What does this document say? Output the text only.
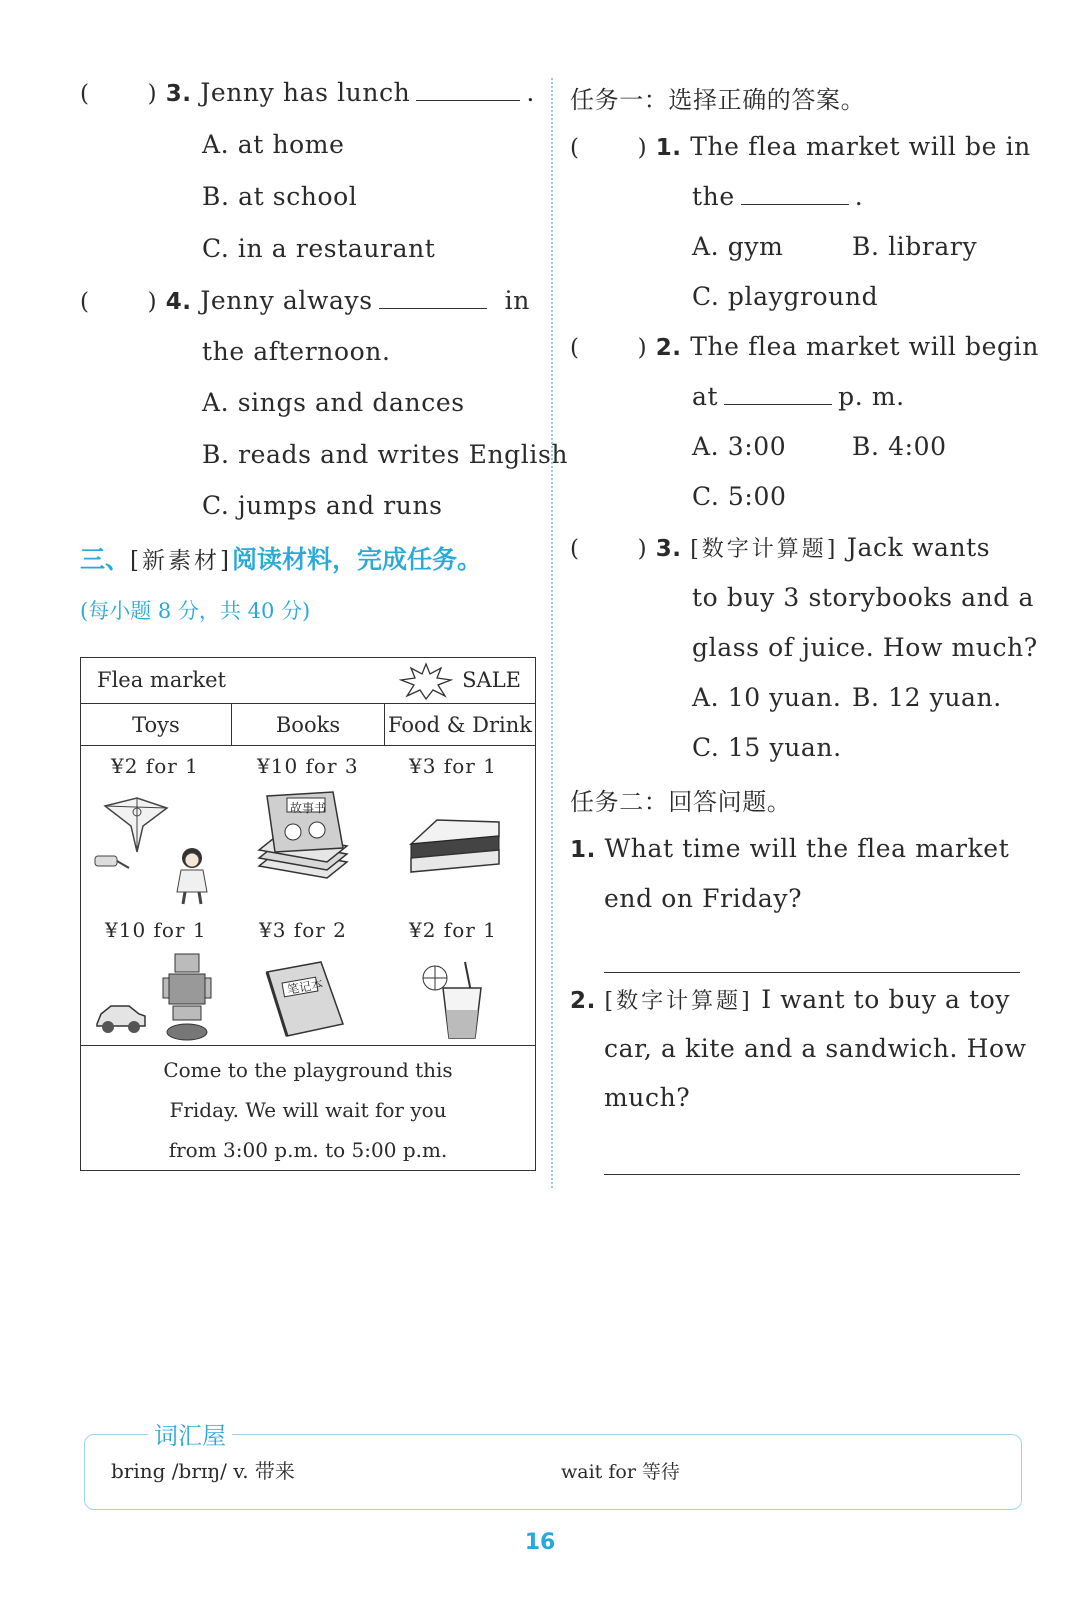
(	) 3. Jenny has lunch	.
A. at home
B. at school
C. in a restaurant
(	) 4. Jenny always	in
the afternoon.
A. sings and dances
B. reads and writes English
C. jumps and runs
三、[新素材]阅读材料，完成任务。
(每小题 8 分，共 40 分)
Flea market	SALE

Toys	Books	Food & Drink

¥2 for 1	¥10 for 3	¥3 for 1
故事书
¥10 for 1	¥3 for 2	¥2 for 1
笔记本

Come to the playground this
Friday. We will wait for you
from 3:00 p.m. to 5:00 p.m.
任务一：选择正确的答案。
(	) 1. The flea market will be in
the	.
A. gym	B. library
C. playground
(	) 2. The flea market will begin
at	p. m.
A. 3:00	B. 4:00
C. 5:00
(	) 3. [数字计算题] Jack wants
to buy 3 storybooks and a
glass of juice. How much?
A. 10 yuan. B. 12 yuan.
C. 15 yuan.
任务二：回答问题。
1. What time will the flea market
end on Friday?
2. [数字计算题] I want to buy a toy
car, a kite and a sandwich. How
much?
bring /brɪŋ/ v. 带来	wait for 等待
词汇屋
16
